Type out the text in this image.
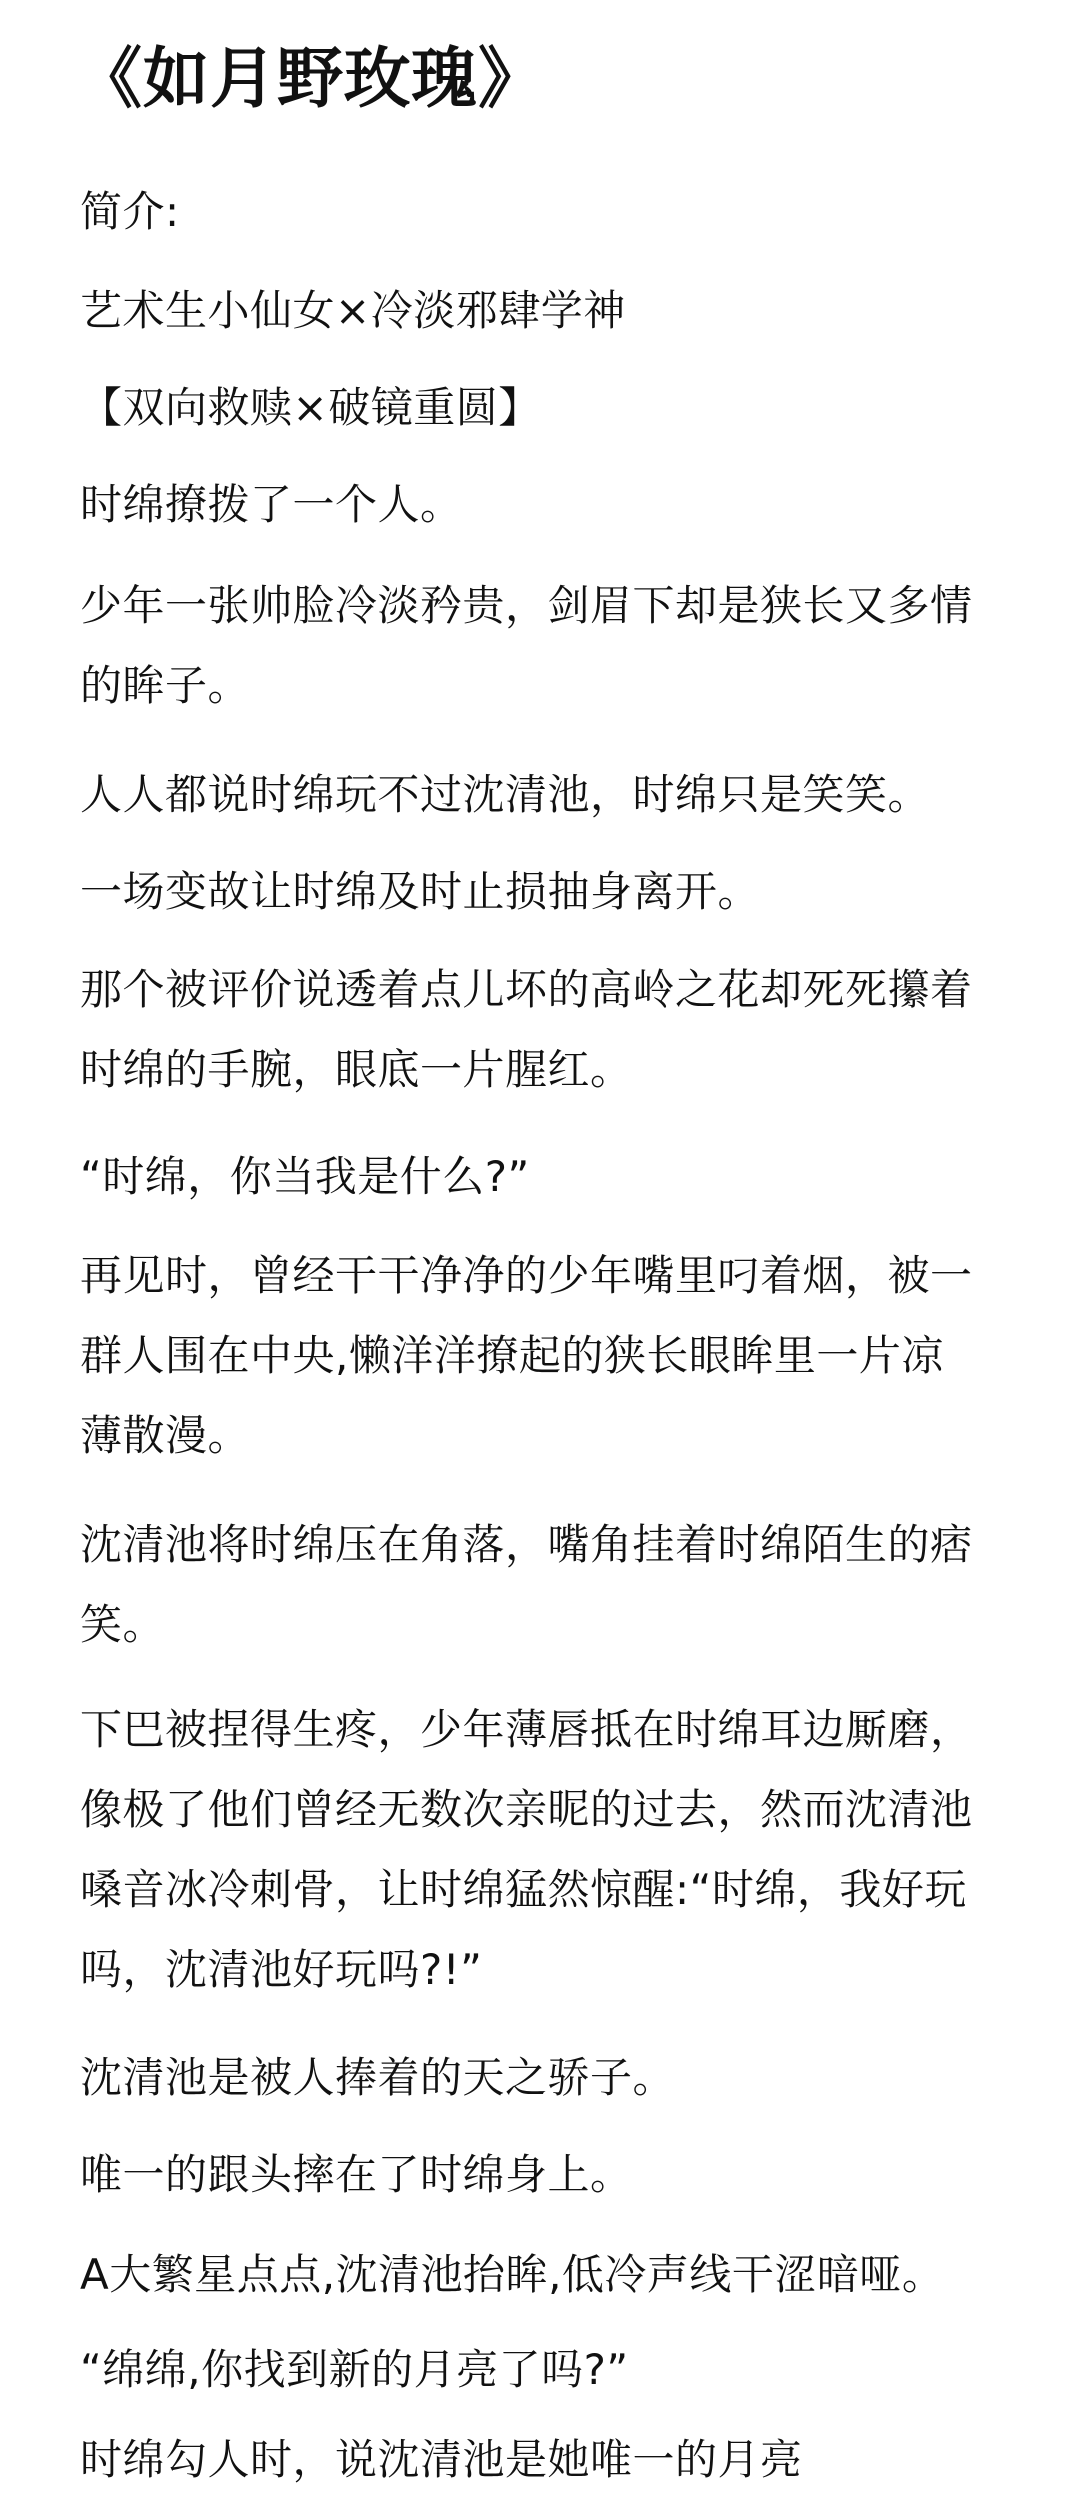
《如月野玫瑰》

简介:

艺术生小仙女×冷淡邪肆学神

【双向救赎×破镜重圆】

时绵撩拨了一个人。

少年一张帅脸冷淡矜贵，剑眉下却是狭长又多情
的眸子。

人人都说时绵玩不过沈清池，时绵只是笑笑。

一场变故让时绵及时止损抽身离开。

那个被评价说透着点儿坏的高岭之花却死死攥着
时绵的手腕，眼底一片腥红。

“时绵，你当我是什么?”

再见时，曾经干干净净的少年嘴里叼着烟，被一
群人围在中央,懒洋洋撩起的狭长眼眸里一片凉
薄散漫。

沈清池将时绵压在角落，嘴角挂着时绵陌生的痞
笑。

下巴被捏得生疼，少年薄唇抵在时绵耳边厮磨，
像极了他们曾经无数次亲昵的过去，然而沈清池
嗓音冰冷刺骨，让时绵猛然惊醒:“时绵，我好玩
吗，沈清池好玩吗?!”

沈清池是被人捧着的天之骄子。

唯一的跟头摔在了时绵身上。

A大繁星点点,沈清池抬眸,低冷声线干涩暗哑。

“绵绵,你找到新的月亮了吗?”

时绵勾人时，说沈清池是她唯一的月亮
